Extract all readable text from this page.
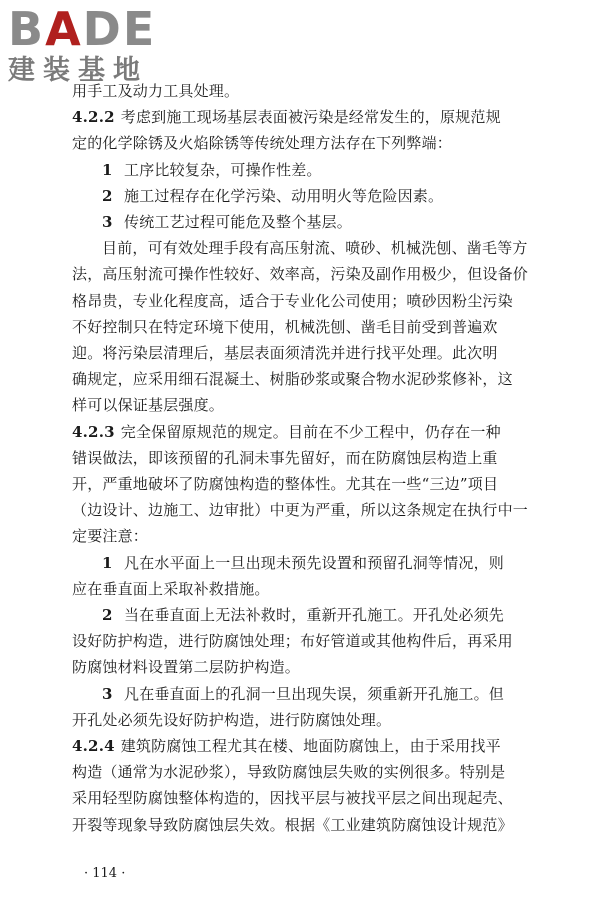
BADE
建装基地
用手工及动力工具处理。
4.2.2 考虑到施工现场基层表面被污染是经常发生的，原规范规
定的化学除锈及火焰除锈等传统处理方法存在下列弊端：
1 工序比较复杂，可操作性差。
2 施工过程存在化学污染、动用明火等危险因素。
3 传统工艺过程可能危及整个基层。
目前，可有效处理手段有高压射流、喷砂、机械洗刨、凿毛等方
法，高压射流可操作性较好、效率高，污染及副作用极少，但设备价
格昂贵，专业化程度高，适合于专业化公司使用；喷砂因粉尘污染
不好控制只在特定环境下使用，机械洗刨、凿毛目前受到普遍欢
迎。将污染层清理后，基层表面须清洗并进行找平处理。此次明
确规定，应采用细石混凝土、树脂砂浆或聚合物水泥砂浆修补，这
样可以保证基层强度。
4.2.3 完全保留原规范的规定。目前在不少工程中，仍存在一种
错误做法，即该预留的孔洞未事先留好，而在防腐蚀层构造上重
开，严重地破坏了防腐蚀构造的整体性。尤其在一些“三边”项目
（边设计、边施工、边审批）中更为严重，所以这条规定在执行中一
定要注意：
1 凡在水平面上一旦出现未预先设置和预留孔洞等情况，则
应在垂直面上采取补救措施。
2 当在垂直面上无法补救时，重新开孔施工。开孔处必须先
设好防护构造，进行防腐蚀处理；布好管道或其他构件后，再采用
防腐蚀材料设置第二层防护构造。
3 凡在垂直面上的孔洞一旦出现失误，须重新开孔施工。但
开孔处必须先设好防护构造，进行防腐蚀处理。
4.2.4 建筑防腐蚀工程尤其在楼、地面防腐蚀上，由于采用找平
构造（通常为水泥砂浆），导致防腐蚀层失败的实例很多。特别是
采用轻型防腐蚀整体构造的，因找平层与被找平层之间出现起壳、
开裂等现象导致防腐蚀层失效。根据《工业建筑防腐蚀设计规范》
· 114 ·
